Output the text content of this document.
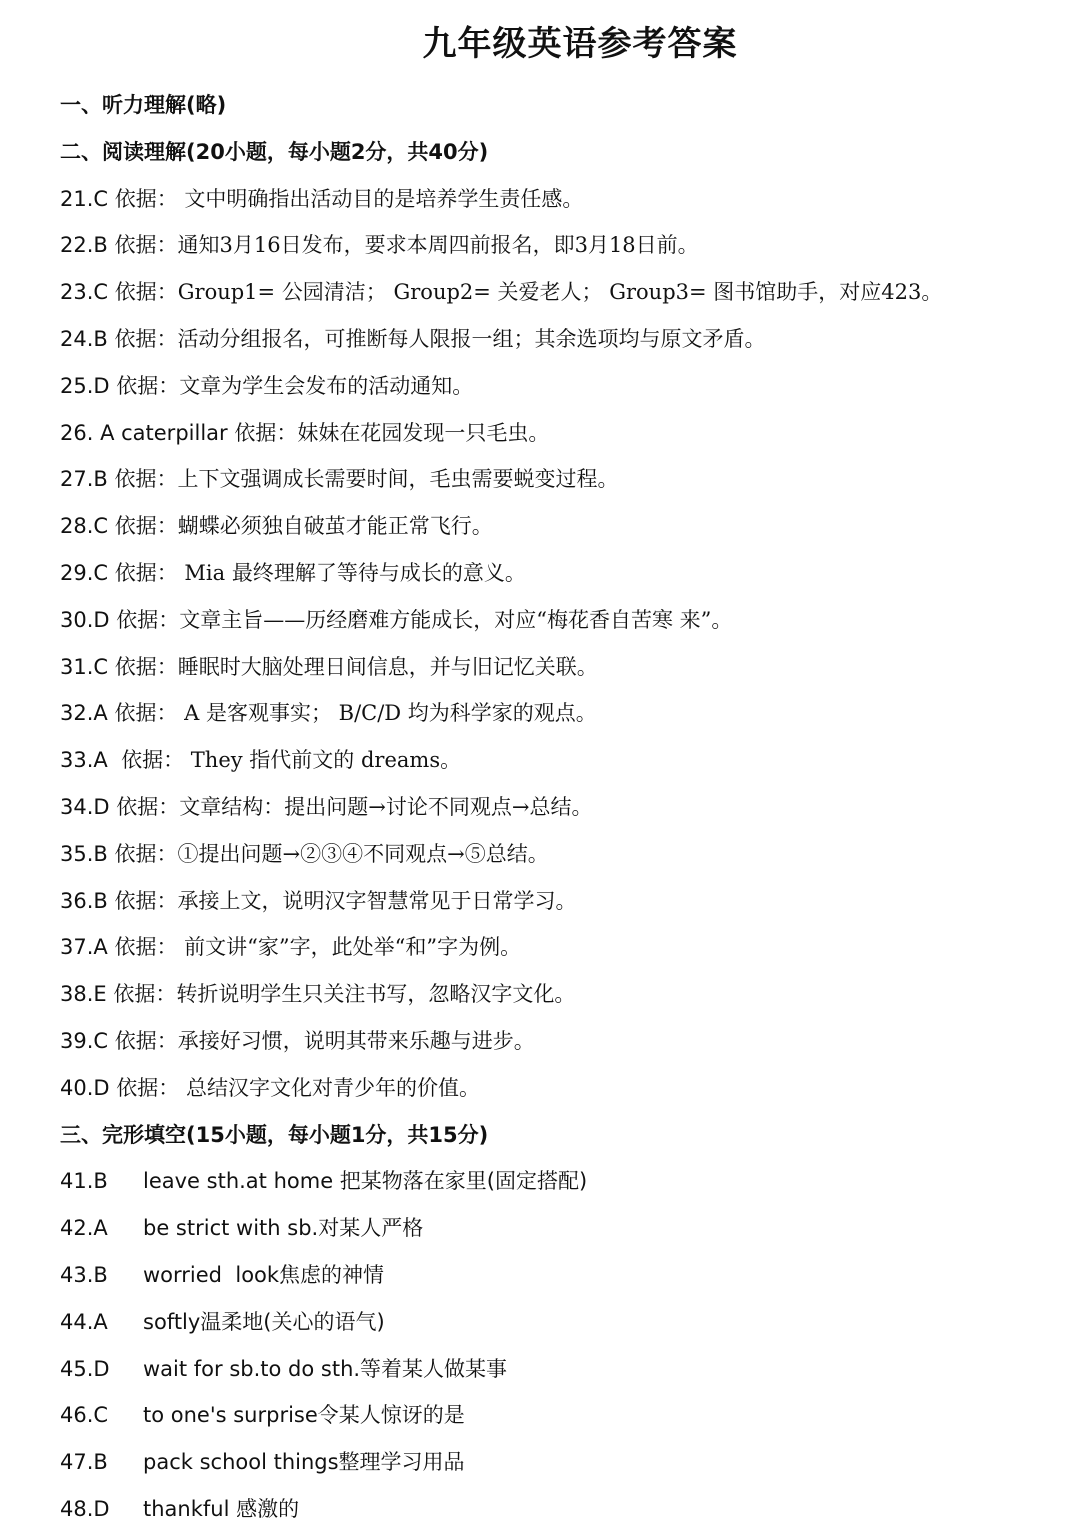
九年级英语参考答案
一、听力理解(略)
二、阅读理解(20小题，每小题2分，共40分)
21.C 依据： 文中明确指出活动目的是培养学生责任感。
22.B 依据：通知3月16日发布，要求本周四前报名，即3月18日前。
23.C 依据：Group1= 公园清洁； Group2= 关爱老人； Group3= 图书馆助手，对应423。
24.B 依据：活动分组报名，可推断每人限报一组；其余选项均与原文矛盾。
25.D 依据：文章为学生会发布的活动通知。
26. A caterpillar 依据：妹妹在花园发现一只毛虫。
27.B 依据：上下文强调成长需要时间，毛虫需要蜕变过程。
28.C 依据：蝴蝶必须独自破茧才能正常飞行。
29.C 依据： Mia 最终理解了等待与成长的意义。
30.D 依据：文章主旨——历经磨难方能成长，对应“梅花香自苦寒 来”。
31.C 依据：睡眠时大脑处理日间信息，并与旧记忆关联。
32.A 依据： A 是客观事实； B/C/D 均为科学家的观点。
33.A  依据： They 指代前文的 dreams。
34.D 依据：文章结构：提出问题→讨论不同观点→总结。
35.B 依据：①提出问题→②③④不同观点→⑤总结。
36.B 依据：承接上文，说明汉字智慧常见于日常学习。
37.A 依据： 前文讲“家”字，此处举“和”字为例。
38.E 依据：转折说明学生只关注书写，忽略汉字文化。
39.C 依据：承接好习惯，说明其带来乐趣与进步。
40.D 依据： 总结汉字文化对青少年的价值。
三、完形填空(15小题，每小题1分，共15分)
41.B leave sth.at home 把某物落在家里(固定搭配)
42.A be strict with sb.对某人严格
43.B worried  look焦虑的神情
44.A softly温柔地(关心的语气)
45.D wait for sb.to do sth.等着某人做某事
46.C to one's surprise令某人惊讶的是
47.B pack school things整理学习用品
48.D thankful 感激的
